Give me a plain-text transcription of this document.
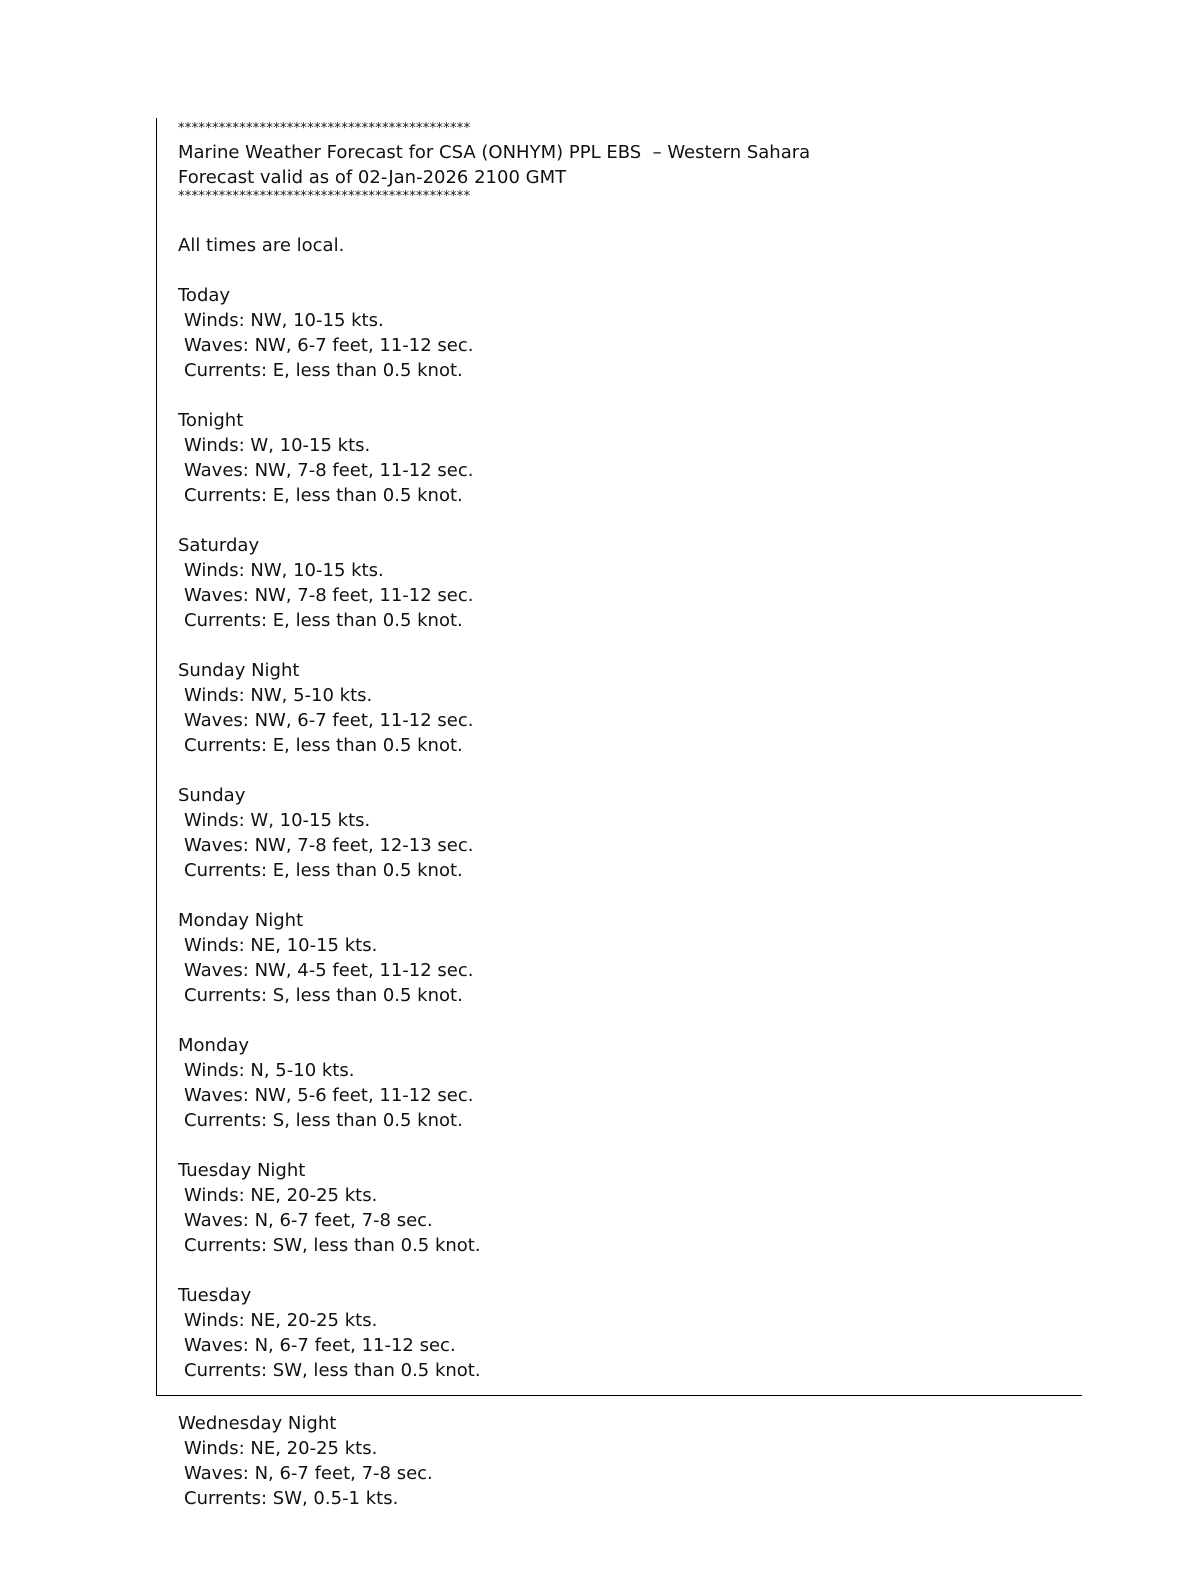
*******************************************
Marine Weather Forecast for CSA (ONHYM) PPL EBS  – Western Sahara
Forecast valid as of 02-Jan-2026 2100 GMT
*******************************************
All times are local.
Today
Winds: NW, 10-15 kts.
Waves: NW, 6-7 feet, 11-12 sec.
Currents: E, less than 0.5 knot.
Tonight
Winds: W, 10-15 kts.
Waves: NW, 7-8 feet, 11-12 sec.
Currents: E, less than 0.5 knot.
Saturday
Winds: NW, 10-15 kts.
Waves: NW, 7-8 feet, 11-12 sec.
Currents: E, less than 0.5 knot.
Sunday Night
Winds: NW, 5-10 kts.
Waves: NW, 6-7 feet, 11-12 sec.
Currents: E, less than 0.5 knot.
Sunday
Winds: W, 10-15 kts.
Waves: NW, 7-8 feet, 12-13 sec.
Currents: E, less than 0.5 knot.
Monday Night
Winds: NE, 10-15 kts.
Waves: NW, 4-5 feet, 11-12 sec.
Currents: S, less than 0.5 knot.
Monday
Winds: N, 5-10 kts.
Waves: NW, 5-6 feet, 11-12 sec.
Currents: S, less than 0.5 knot.
Tuesday Night
Winds: NE, 20-25 kts.
Waves: N, 6-7 feet, 7-8 sec.
Currents: SW, less than 0.5 knot.
Tuesday
Winds: NE, 20-25 kts.
Waves: N, 6-7 feet, 11-12 sec.
Currents: SW, less than 0.5 knot.
Wednesday Night
Winds: NE, 20-25 kts.
Waves: N, 6-7 feet, 7-8 sec.
Currents: SW, 0.5-1 kts.
